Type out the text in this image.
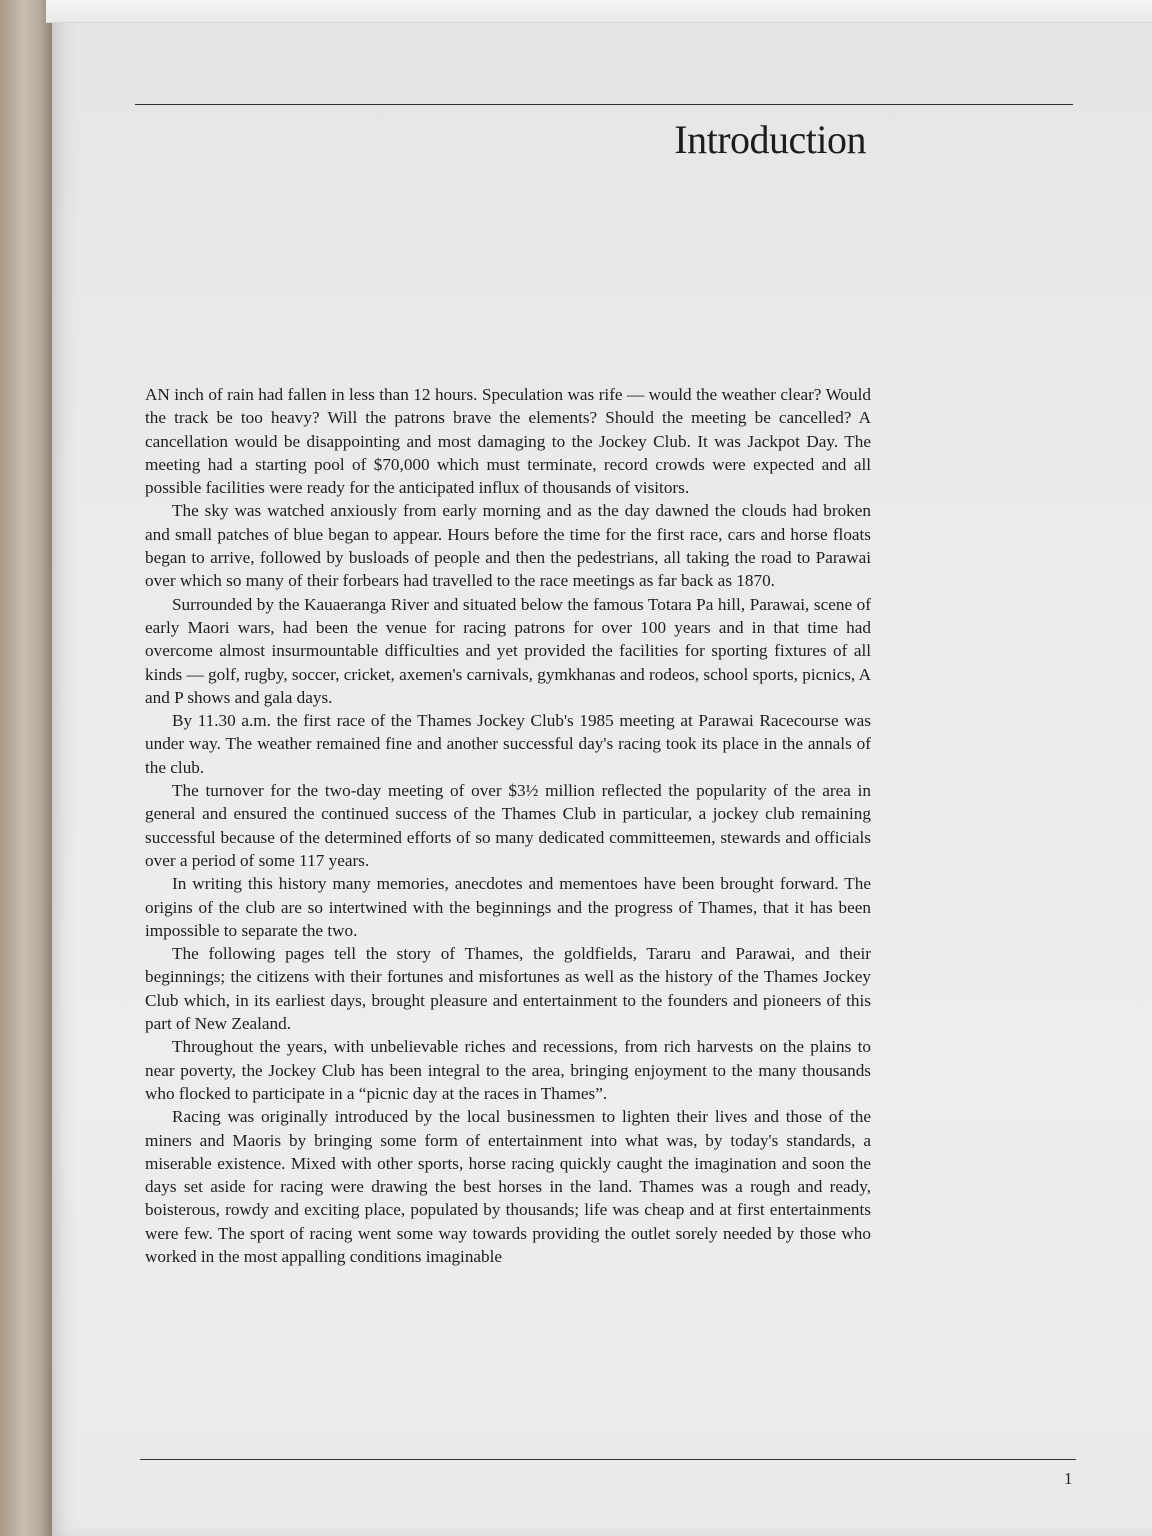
Introduction

AN inch of rain had fallen in less than 12 hours. Speculation was rife — would the weather clear? Would the track be too heavy? Will the patrons brave the elements? Should the meeting be cancelled? A cancellation would be disappointing and most damaging to the Jockey Club. It was Jackpot Day. The meeting had a starting pool of $70,000 which must terminate, record crowds were expected and all possible facilities were ready for the anticipated influx of thousands of visitors.

The sky was watched anxiously from early morning and as the day dawned the clouds had broken and small patches of blue began to appear. Hours before the time for the first race, cars and horse floats began to arrive, followed by busloads of people and then the pedestrians, all taking the road to Parawai over which so many of their forbears had travelled to the race meetings as far back as 1870.

Surrounded by the Kauaeranga River and situated below the famous Totara Pa hill, Parawai, scene of early Maori wars, had been the venue for racing patrons for over 100 years and in that time had overcome almost insurmountable difficulties and yet provided the facilities for sporting fixtures of all kinds — golf, rugby, soccer, cricket, axemen's carnivals, gymkhanas and rodeos, school sports, picnics, A and P shows and gala days.

By 11.30 a.m. the first race of the Thames Jockey Club's 1985 meeting at Parawai Racecourse was under way. The weather remained fine and another successful day's racing took its place in the annals of the club.

The turnover for the two-day meeting of over $3½ million reflected the popularity of the area in general and ensured the continued success of the Thames Club in particular, a jockey club remaining successful because of the determined efforts of so many dedicated committeemen, stewards and officials over a period of some 117 years.

In writing this history many memories, anecdotes and mementoes have been brought forward. The origins of the club are so intertwined with the beginnings and the progress of Thames, that it has been impossible to separate the two.

The following pages tell the story of Thames, the goldfields, Tararu and Parawai, and their beginnings; the citizens with their fortunes and misfortunes as well as the history of the Thames Jockey Club which, in its earliest days, brought pleasure and entertainment to the founders and pioneers of this part of New Zealand.

Throughout the years, with unbelievable riches and recessions, from rich harvests on the plains to near poverty, the Jockey Club has been integral to the area, bringing enjoyment to the many thousands who flocked to participate in a “picnic day at the races in Thames”.

Racing was originally introduced by the local businessmen to lighten their lives and those of the miners and Maoris by bringing some form of entertainment into what was, by today's standards, a miserable existence. Mixed with other sports, horse racing quickly caught the imagination and soon the days set aside for racing were drawing the best horses in the land. Thames was a rough and ready, boisterous, rowdy and exciting place, populated by thousands; life was cheap and at first entertainments were few. The sport of racing went some way towards providing the outlet sorely needed by those who worked in the most appalling conditions imaginable

1
